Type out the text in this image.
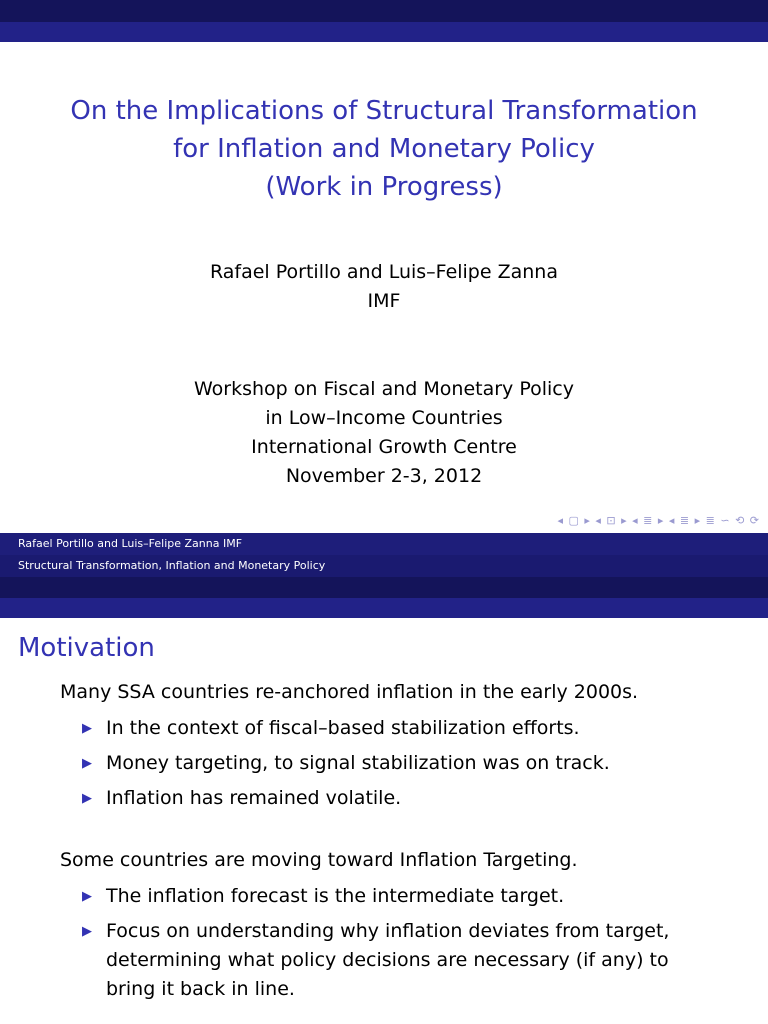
On the Implications of Structural Transformation
for Inflation and Monetary Policy
(Work in Progress)
Rafael Portillo and Luis–Felipe Zanna
IMF
Workshop on Fiscal and Monetary Policy
in Low–Income Countries
International Growth Centre
November 2-3, 2012
◂ ▢ ▸ ◂ ⊡ ▸ ◂ ≣ ▸ ◂ ≣ ▸ ≣ ∽ ⟲ ⟳
Rafael Portillo and Luis–Felipe Zanna IMF
Structural Transformation, Inflation and Monetary Policy
Motivation
Many SSA countries re-anchored inflation in the early 2000s.
▶ In the context of fiscal–based stabilization efforts.
▶ Money targeting, to signal stabilization was on track.
▶ Inflation has remained volatile.
Some countries are moving toward Inflation Targeting.
▶ The inflation forecast is the intermediate target.
▶ Focus on understanding why inflation deviates from target, determining what policy decisions are necessary (if any) to bring it back in line.
